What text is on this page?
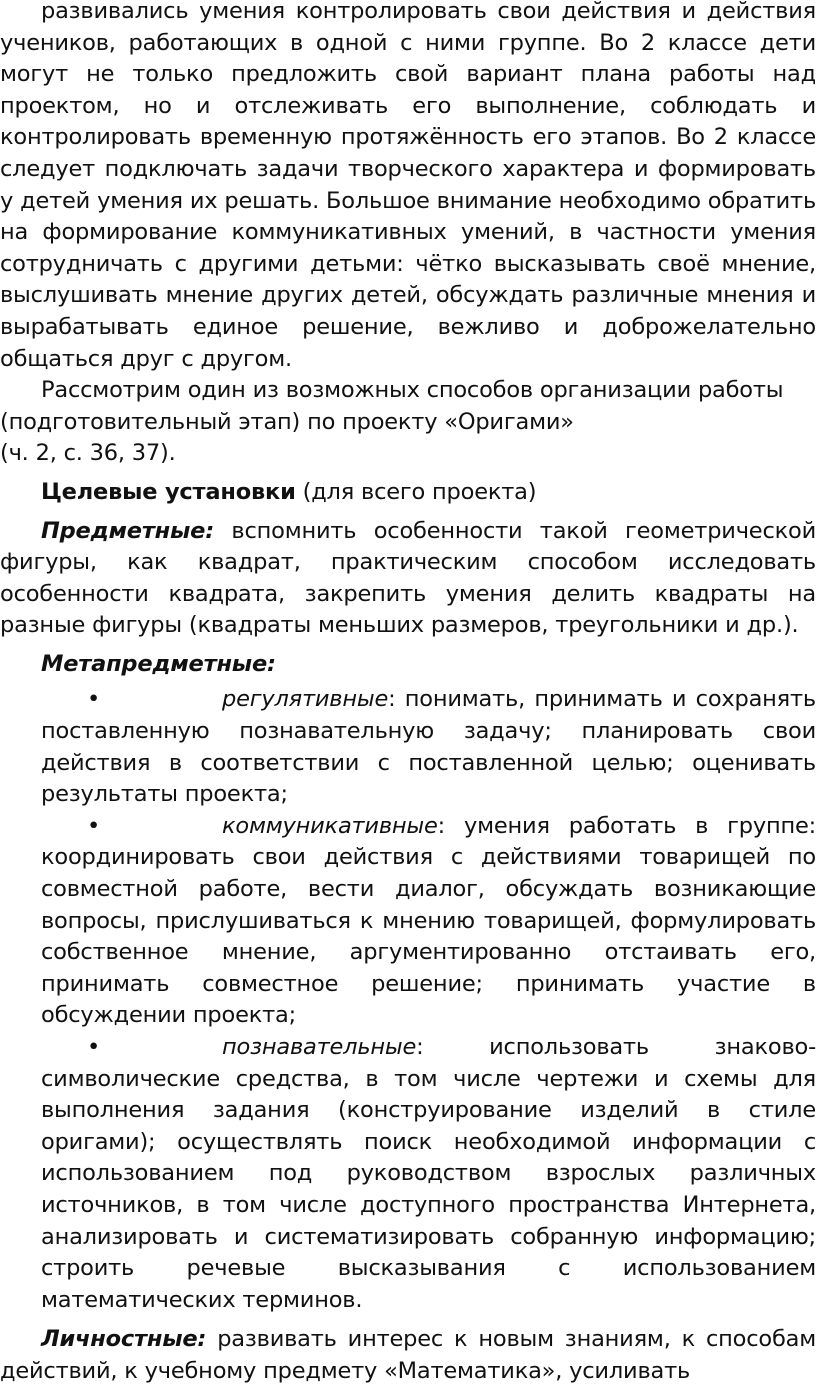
развивались умения контролировать свои действия и действия учеников, работающих в одной с ними группе. Во 2 классе дети могут не только предложить свой вариант плана работы над проектом, но и отслеживать его выполнение, соблюдать и контролировать временную протяжённость его этапов. Во 2 классе следует подключать задачи творческого характера и формировать у детей умения их решать. Большое внимание необходимо обратить на формирование коммуникативных умений, в частности умения сотрудничать с другими детьми: чётко высказывать своё мнение, выслушивать мнение других детей, обсуждать различные мнения и вырабатывать единое решение, вежливо и доброжелательно общаться друг с другом.

Рассмотрим один из возможных способов организации работы (подготовительный этап) по проекту «Оригами»
(ч. 2, с. 36, 37).

Целевые установки (для всего проекта)

Предметные: вспомнить особенности такой геометрической фигуры, как квадрат, практическим способом исследовать особенности квадрата, закрепить умения делить квадраты на разные фигуры (квадраты меньших размеров, треугольники и др.).

Метапредметные:

•	регулятивные: понимать, принимать и сохранять поставленную познавательную задачу; планировать свои действия в соответствии с поставленной целью; оценивать результаты проекта;

•	коммуникативные: умения работать в группе: координировать свои действия с действиями товарищей по совместной работе, вести диалог, обсуждать возникающие вопросы, прислушиваться к мнению товарищей, формулировать собственное мнение, аргументированно отстаивать его, принимать совместное решение; принимать участие в обсуждении проекта;

•	познавательные: использовать знаково-символические средства, в том числе чертежи и схемы для выполнения задания (конструирование изделий в стиле оригами); осуществлять поиск необходимой информации с использованием под руководством взрослых различных источников, в том числе доступного пространства Интернета, анализировать и систематизировать собранную информацию; строить речевые высказывания с использованием математических терминов.

Личностные: развивать интерес к новым знаниям, к способам действий, к учебному предмету «Математика», усиливать
